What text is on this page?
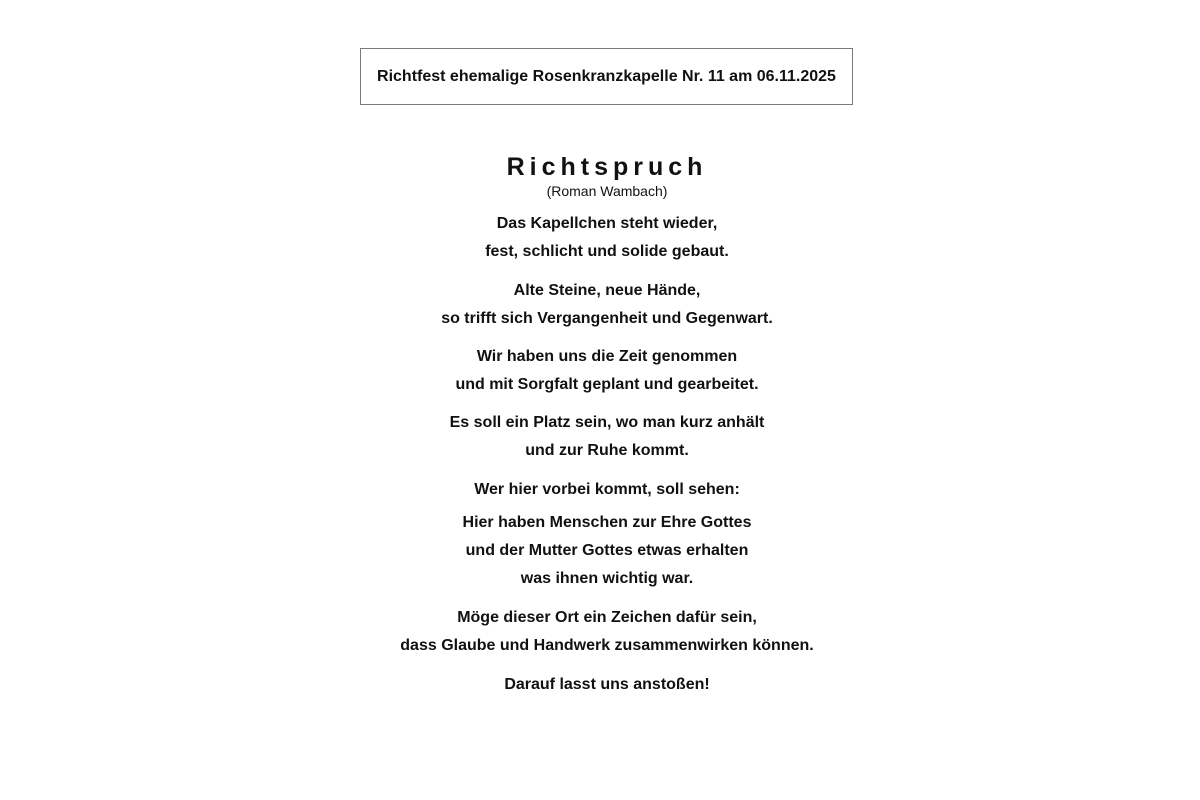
Richtfest ehemalige Rosenkranzkapelle Nr. 11 am 06.11.2025
Richtspruch
(Roman Wambach)
Das Kapellchen steht wieder,
fest, schlicht und solide gebaut.
Alte Steine, neue Hände,
so trifft sich Vergangenheit und Gegenwart.
Wir haben uns die Zeit genommen
und mit Sorgfalt geplant und gearbeitet.
Es soll ein Platz sein, wo man kurz anhält
und zur Ruhe kommt.
Wer hier vorbei kommt, soll sehen:
Hier haben Menschen zur Ehre Gottes
und der Mutter Gottes etwas erhalten
was ihnen wichtig war.
Möge dieser Ort ein Zeichen dafür sein,
dass Glaube und Handwerk zusammenwirken können.
Darauf lasst uns anstoßen!
